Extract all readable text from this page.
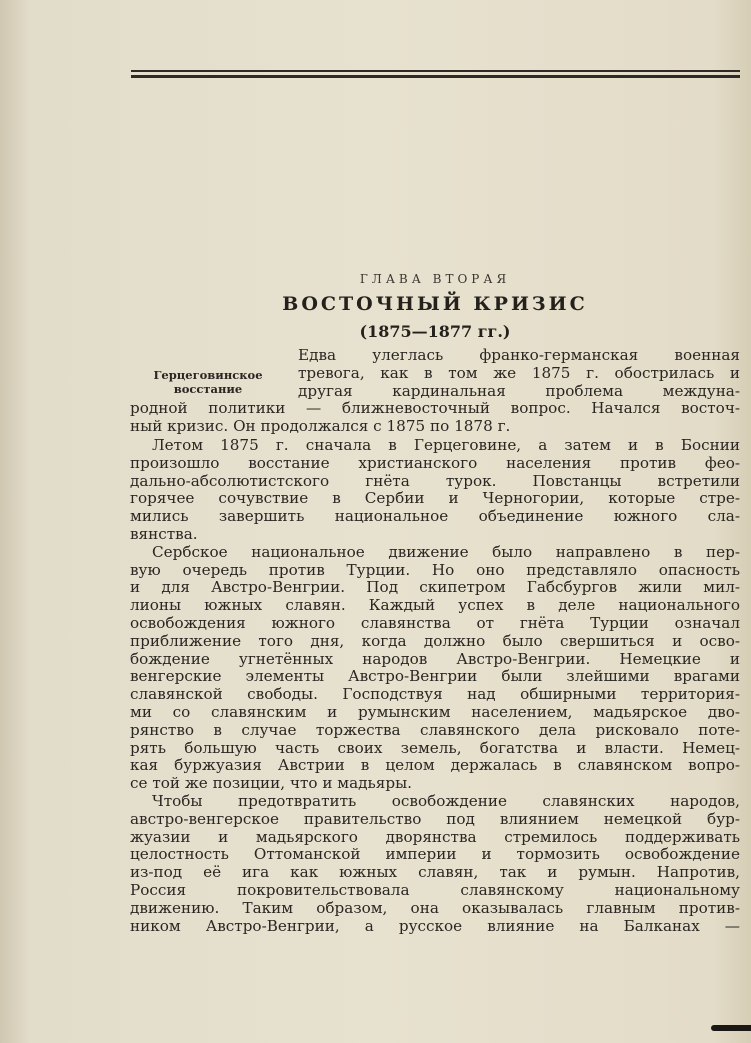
ГЛАВА ВТОРАЯ
ВОСТОЧНЫЙ КРИЗИС
(1875—1877 гг.)
Герцеговинское
восстание
Едва улеглась франко-германская военная
тревога, как в том же 1875 г. обострилась и
другая кардинальная проблема междуна-
родной политики — ближневосточный вопрос. Начался восточ-
ный кризис. Он продолжался с 1875 по 1878 г.
Летом 1875 г. сначала в Герцеговине, а затем и в Боснии
произошло восстание христианского населения против фео-
дально-абсолютистского гнёта турок. Повстанцы встретили
горячее сочувствие в Сербии и Черногории, которые стре-
мились завершить национальное объединение южного сла-
вянства.
Сербское национальное движение было направлено в пер-
вую очередь против Турции. Но оно представляло опасность
и для Австро-Венгрии. Под скипетром Габсбургов жили мил-
лионы южных славян. Каждый успех в деле национального
освобождения южного славянства от гнёта Турции означал
приближение того дня, когда должно было свершиться и осво-
бождение угнетённых народов Австро-Венгрии. Немецкие и
венгерские элементы Австро-Венгрии были злейшими врагами
славянской свободы. Господствуя над обширными территория-
ми со славянским и румынским населением, мадьярское дво-
рянство в случае торжества славянского дела рисковало поте-
рять большую часть своих земель, богатства и власти. Немец-
кая буржуазия Австрии в целом держалась в славянском вопро-
се той же позиции, что и мадьяры.
Чтобы предотвратить освобождение славянских народов,
австро-венгерское правительство под влиянием немецкой бур-
жуазии и мадьярского дворянства стремилось поддерживать
целостность Оттоманской империи и тормозить освобождение
из-под её ига как южных славян, так и румын. Напротив,
Россия покровительствовала славянскому национальному
движению. Таким образом, она оказывалась главным против-
ником Австро-Венгрии, а русское влияние на Балканах —
